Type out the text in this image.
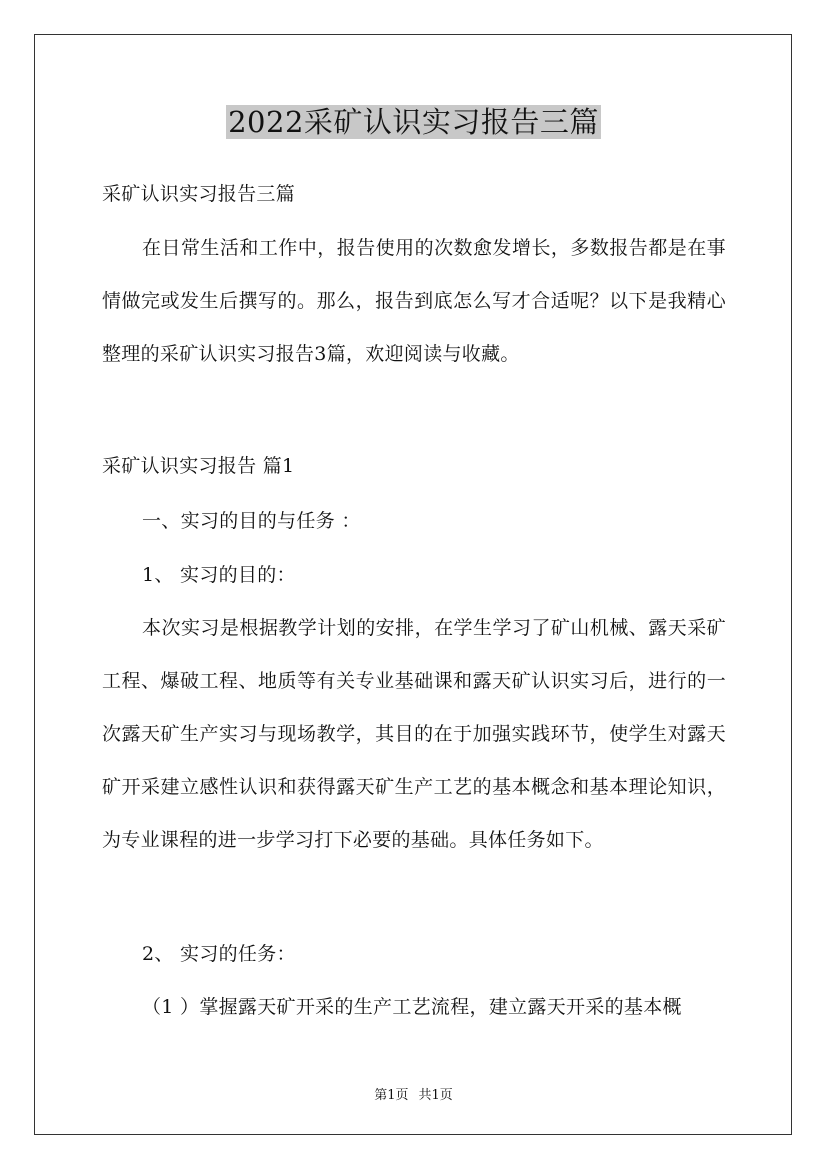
2022采矿认识实习报告三篇

采矿认识实习报告三篇

在日常生活和工作中，报告使用的次数愈发增长，多数报告都是在事情做完或发生后撰写的。那么，报告到底怎么写才合适呢？以下是我精心整理的采矿认识实习报告3篇，欢迎阅读与收藏。

采矿认识实习报告 篇1

一、实习的目的与任务 ：

1、 实习的目的：

本次实习是根据教学计划的安排，在学生学习了矿山机械、露天采矿工程、爆破工程、地质等有关专业基础课和露天矿认识实习后，进行的一次露天矿生产实习与现场教学，其目的在于加强实践环节，使学生对露天矿开采建立感性认识和获得露天矿生产工艺的基本概念和基本理论知识，为专业课程的进一步学习打下必要的基础。具体任务如下。

2、 实习的任务：

（1 ）掌握露天矿开采的生产工艺流程，建立露天开采的基本概

第1页 共1页
